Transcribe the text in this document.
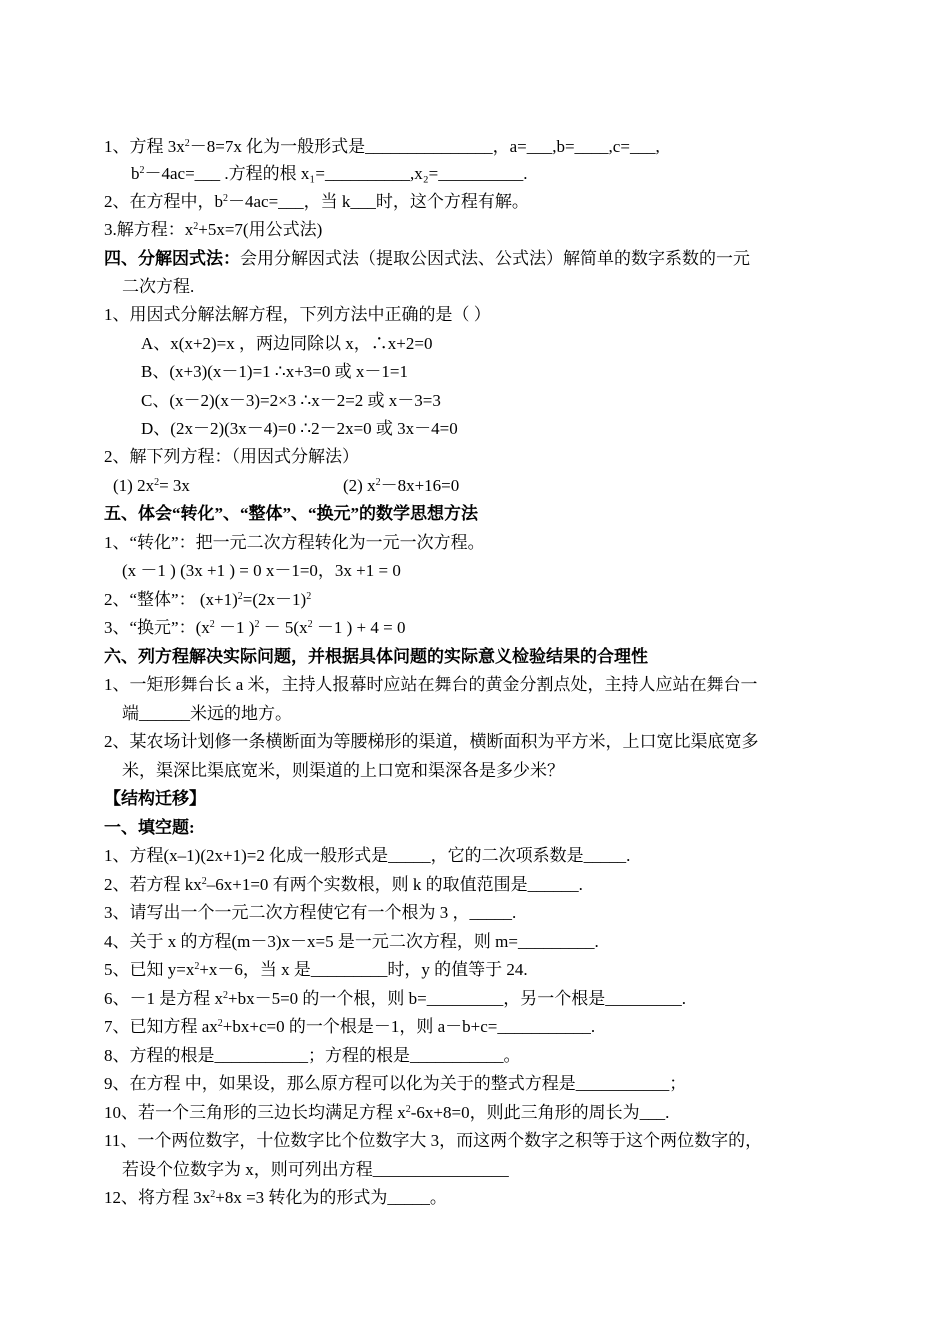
1、方程 $3x^2-8=7x$ 化为一般形式是_______________，a=___,b=____,c=___,
$b^2-4ac=\_\_\_$ .方程的根 x₁=__________,x₂=__________.
2、在方程中，$b^2-4ac=\_\_\_$，当 k___时，这个方程有解。
3.解方程：$x^2+5x=7$(用公式法)
四、分解因式法：会用分解因式法（提取公因式法、公式法）解简单的数字系数的一元
二次方程.
1、用因式分解法解方程，下列方法中正确的是（ ）
A、x(x+2)=x ，两边同除以 x，∴x+2=0
B、(x+3)(x－1)=1 ∴x+3=0 或 x－1=1
C、(x－2)(x－3)=2×3 ∴x－2=2 或 x－3=3
D、(2x－2)(3x－4)=0 ∴2－2x=0 或 3x－4=0
2、解下列方程：（用因式分解法）
(1) $2x^2= 3x$	(2) $x^2-8x+16=0$
五、体会“转化”、“整体”、“换元”的数学思想方法
1、“转化”：把一元二次方程转化为一元一次方程。
(x －1 ) (3x +1 ) = 0 x－1=0，3x +1 = 0
2、“整体”： $(x+1)^2=(2x-1)^2$
3、“换元”：($x^2 -1$ )$^2 - 5(x^2 -1$ ) + 4 = 0
六、列方程解决实际问题，并根据具体问题的实际意义检验结果的合理性
1、一矩形舞台长 a 米，主持人报幕时应站在舞台的黄金分割点处，主持人应站在舞台一
端______米远的地方。
2、某农场计划修一条横断面为等腰梯形的渠道，横断面积为平方米，上口宽比渠底宽多
米，渠深比渠底宽米，则渠道的上口宽和渠深各是多少米？
【结构迁移】
一、填空题:
1、方程(x–1)(2x+1)=2 化成一般形式是_____，它的二次项系数是_____.
2、若方程 $kx^2-6x+1=0$ 有两个实数根，则 k 的取值范围是______.
3、请写出一个一元二次方程使它有一个根为 3 ，_____.
4、关于 x 的方程(m－3)x－x=5 是一元二次方程，则 m=_________.
5、已知 $y=x^2+x-6$，当 x 是_________时，y 的值等于 24.
6、－1 是方程 $x^2+bx-5=0$ 的一个根，则 b=_________，另一个根是_________.
7、已知方程 $ax^2+bx+c=0$ 的一个根是－1，则 a－b+c=___________.
8、方程的根是___________；方程的根是___________。
9、在方程 中，如果设，那么原方程可以化为关于的整式方程是___________；
10、若一个三角形的三边长均满足方程 $x^2-6x+8=0$，则此三角形的周长为___.
11、一个两位数字，十位数字比个位数字大 3，而这两个数字之积等于这个两位数字的，
若设个位数字为 x，则可列出方程________________
12、将方程 $3x^2+8x =3$ 转化为的形式为_____。
